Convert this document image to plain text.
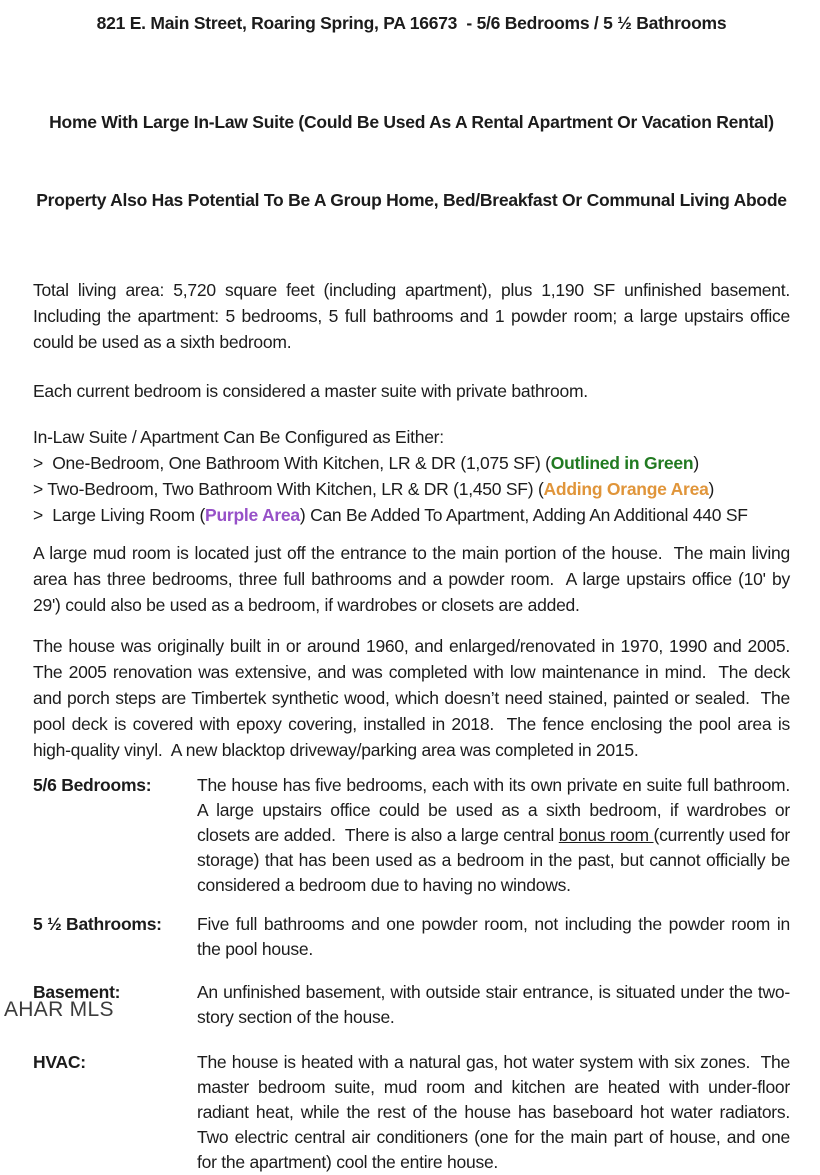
821 E. Main Street, Roaring Spring, PA 16673  - 5/6 Bedrooms / 5 ½ Bathrooms

Home With Large In-Law Suite (Could Be Used As A Rental Apartment Or Vacation Rental)

Property Also Has Potential To Be A Group Home, Bed/Breakfast Or Communal Living Abode

Total living area: 5,720 square feet (including apartment), plus 1,190 SF unfinished basement.  Including the apartment: 5 bedrooms, 5 full bathrooms and 1 powder room; a large upstairs office could be used as a sixth bedroom.

Each current bedroom is considered a master suite with private bathroom.

In-Law Suite / Apartment Can Be Configured as Either:
>  One-Bedroom, One Bathroom With Kitchen, LR & DR (1,075 SF) (Outlined in Green)
> Two-Bedroom, Two Bathroom With Kitchen, LR & DR (1,450 SF) (Adding Orange Area)
>  Large Living Room (Purple Area) Can Be Added To Apartment, Adding An Additional 440 SF

A large mud room is located just off the entrance to the main portion of the house.  The main living area has three bedrooms, three full bathrooms and a powder room.  A large upstairs office (10' by 29') could also be used as a bedroom, if wardrobes or closets are added.

The house was originally built in or around 1960, and enlarged/renovated in 1970, 1990 and 2005.  The 2005 renovation was extensive, and was completed with low maintenance in mind.  The deck and porch steps are Timbertek synthetic wood, which doesn’t need stained, painted or sealed.  The pool deck is covered with epoxy covering, installed in 2018.  The fence enclosing the pool area is high-quality vinyl.  A new blacktop driveway/parking area was completed in 2015.

5/6 Bedrooms:	The house has five bedrooms, each with its own private en suite full bathroom.  A large upstairs office could be used as a sixth bedroom, if wardrobes or closets are added.  There is also a large central bonus room (currently used for storage) that has been used as a bedroom in the past, but cannot officially be considered a bedroom due to having no windows.
5 ½ Bathrooms:	Five full bathrooms and one powder room, not including the powder room in the pool house.
Basement:	An unfinished basement, with outside stair entrance, is situated under the two-story section of the house.
HVAC:	The house is heated with a natural gas, hot water system with six zones.  The master bedroom suite, mud room and kitchen are heated with under-floor radiant heat, while the rest of the house has baseboard hot water radiators.  Two electric central air conditioners (one for the main part of house, and one for the apartment) cool the entire house.
AHAR MLS
